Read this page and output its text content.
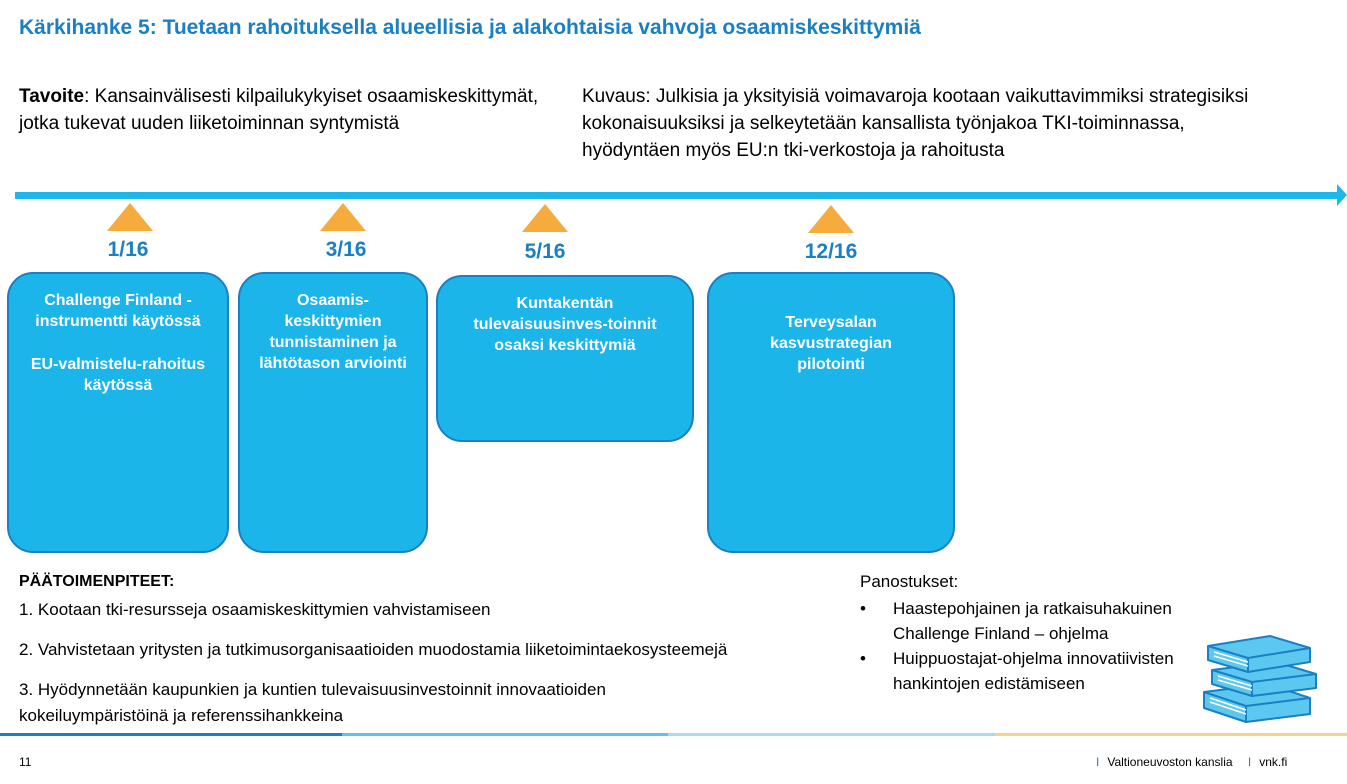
Kärkihanke 5: Tuetaan rahoituksella alueellisia ja alakohtaisia vahvoja osaamiskeskittymiä
Tavoite: Kansainvälisesti kilpailukykyiset osaamiskeskittymät, jotka tukevat uuden liiketoiminnan syntymistä
Kuvaus: Julkisia ja yksityisiä voimavaroja kootaan vaikuttavimmiksi strategisiksi kokonaisuuksiksi ja selkeytetään kansallista työnjakoa TKI-toiminnassa, hyödyntäen myös EU:n tki-verkostoja ja rahoitusta
1/16
Challenge Finland - instrumentti käytössä
EU-valmistelu-rahoitus käytössä
3/16
Osaamis-keskittymien tunnistaminen ja lähtötason arviointi
5/16
Kuntakentän tulevaisuusinves-toinnit osaksi keskittymiä
12/16
Terveysalan kasvustrategian pilotointi
PÄÄTOIMENPITEET:
1. Kootaan tki-resursseja osaamiskeskittymien vahvistamiseen
2. Vahvistetaan yritysten ja tutkimusorganisaatioiden muodostamia liiketoimintaekosysteemejä
3. Hyödynnetään kaupunkien ja kuntien tulevaisuusinvestoinnit innovaatioiden kokeiluympäristöinä ja referenssihankkeina
Panostukset:
•	Haastepohjainen ja ratkaisuhakuinen Challenge Finland – ohjelma
•	Huippuostajat-ohjelma innovatiivisten hankintojen edistämiseen
11	I Valtioneuvoston kanslia I vnk.fi
